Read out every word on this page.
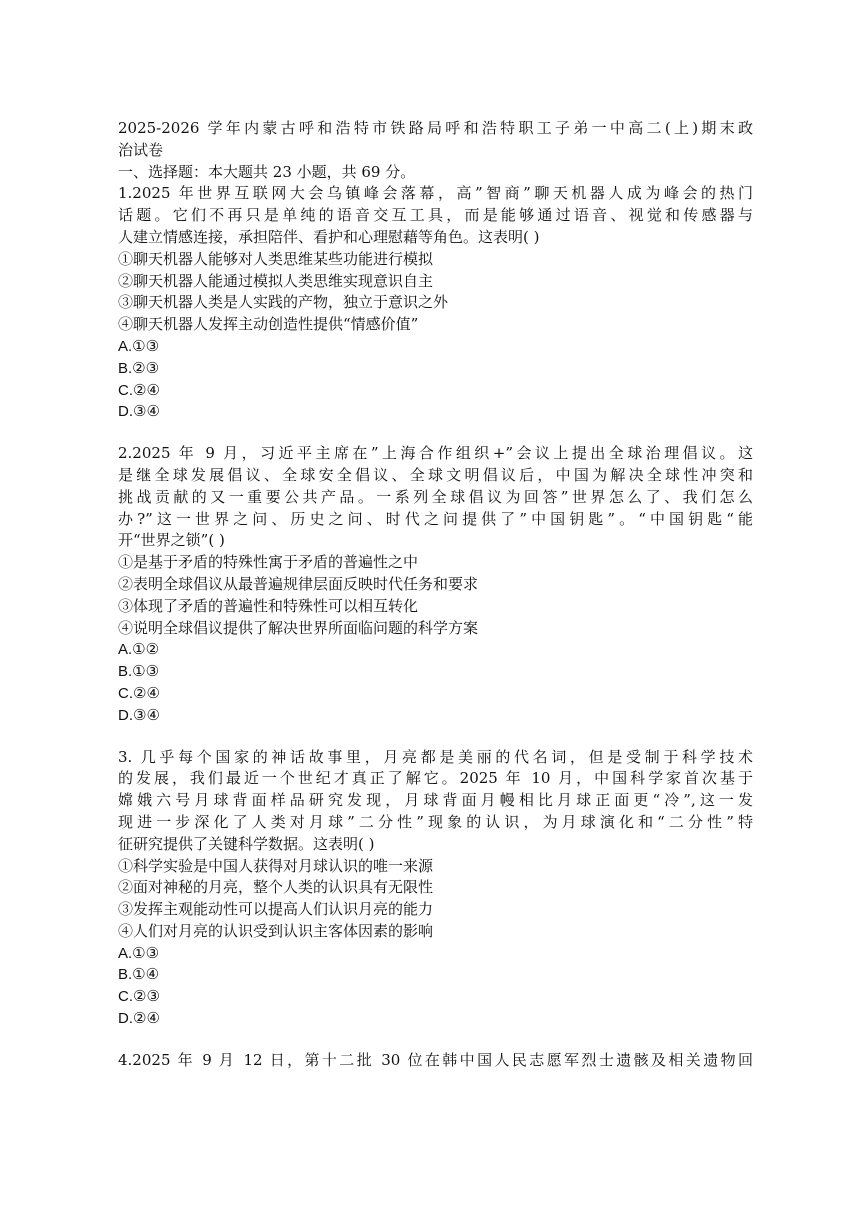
2025-2026 学年内蒙古呼和浩特市铁路局呼和浩特职工子弟一中高二(上)期末政
治试卷
一、选择题：本大题共 23 小题，共 69 分。
1.2025 年世界互联网大会乌镇峰会落幕，高”智商”聊天机器人成为峰会的热门
话题。它们不再只是单纯的语音交互工具，而是能够通过语音、视觉和传感器与
人建立情感连接，承担陪伴、看护和心理慰藉等角色。这表明( )
①聊天机器人能够对人类思维某些功能进行模拟
②聊天机器人能通过模拟人类思维实现意识自主
③聊天机器人类是人实践的产物，独立于意识之外
④聊天机器人发挥主动创造性提供“情感价值”
A.①③
B.②③
C.②④
D.③④
2.2025 年 9 月，习近平主席在”上海合作组织+”会议上提出全球治理倡议。这
是继全球发展倡议、全球安全倡议、全球文明倡议后，中国为解决全球性冲突和
挑战贡献的又一重要公共产品。一系列全球倡议为回答”世界怎么了、我们怎么
办?”这一世界之问、历史之问、时代之问提供了”中国钥匙”。“中国钥匙“能
开“世界之锁”( )
①是基于矛盾的特殊性寓于矛盾的普遍性之中
②表明全球倡议从最普遍规律层面反映时代任务和要求
③体现了矛盾的普遍性和特殊性可以相互转化
④说明全球倡议提供了解决世界所面临问题的科学方案
A.①②
B.①③
C.②④
D.③④
3. 几乎每个国家的神话故事里，月亮都是美丽的代名词，但是受制于科学技术
的发展，我们最近一个世纪才真正了解它。2025 年 10 月，中国科学家首次基于
嫦娥六号月球背面样品研究发现，月球背面月幔相比月球正面更“冷”,这一发
现进一步深化了人类对月球”二分性”现象的认识，为月球演化和“二分性”特
征研究提供了关键科学数据。这表明( )
①科学实验是中国人获得对月球认识的唯一来源
②面对神秘的月亮，整个人类的认识具有无限性
③发挥主观能动性可以提高人们认识月亮的能力
④人们对月亮的认识受到认识主客体因素的影响
A.①③
B.①④
C.②③
D.②④
4.2025 年 9 月 12 日，第十二批 30 位在韩中国人民志愿军烈士遗骸及相关遗物回
